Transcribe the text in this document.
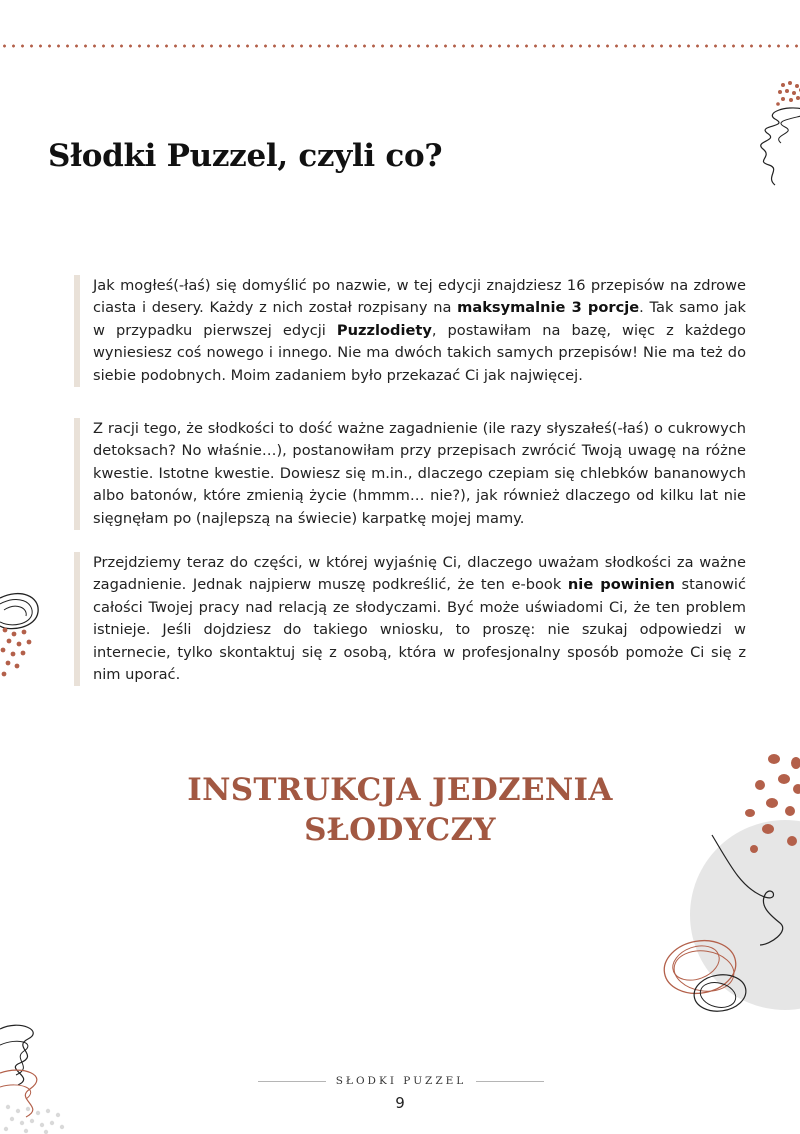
Słodki Puzzel, czyli co?
Jak mogłeś(-łaś) się domyślić po nazwie, w tej edycji znajdziesz 16 przepisów na zdrowe ciasta i desery. Każdy z nich został rozpisany na maksymalnie 3 porcje. Tak samo jak w przypadku pierwszej edycji Puzzlodiety, postawiłam na bazę, więc z każdego wyniesiesz coś nowego i innego. Nie ma dwóch takich samych przepisów! Nie ma też do siebie podobnych. Moim zadaniem było przekazać Ci jak najwięcej.
Z racji tego, że słodkości to dość ważne zagadnienie (ile razy słyszałeś(-łaś) o cukrowych detoksach? No właśnie…), postanowiłam przy przepisach zwrócić Twoją uwagę na różne kwestie. Istotne kwestie. Dowiesz się m.in., dlaczego czepiam się chlebków bananowych albo batonów, które zmienią życie (hmmm… nie?), jak również dlaczego od kilku lat nie sięgnęłam po (najlepszą na świecie) karpatkę mojej mamy.
Przejdziemy teraz do części, w której wyjaśnię Ci, dlaczego uważam słodkości za ważne zagadnienie. Jednak najpierw muszę podkreślić, że ten e-book nie powinien stanowić całości Twojej pracy nad relacją ze słodyczami. Być może uświadomi Ci, że ten problem istnieje. Jeśli dojdziesz do takiego wniosku, to proszę: nie szukaj odpowiedzi w internecie, tylko skontaktuj się z osobą, która w profesjonalny sposób pomoże Ci się z nim uporać.
INSTRUKCJA JEDZENIA
SŁODYCZY
SŁODKI PUZZEL
9
